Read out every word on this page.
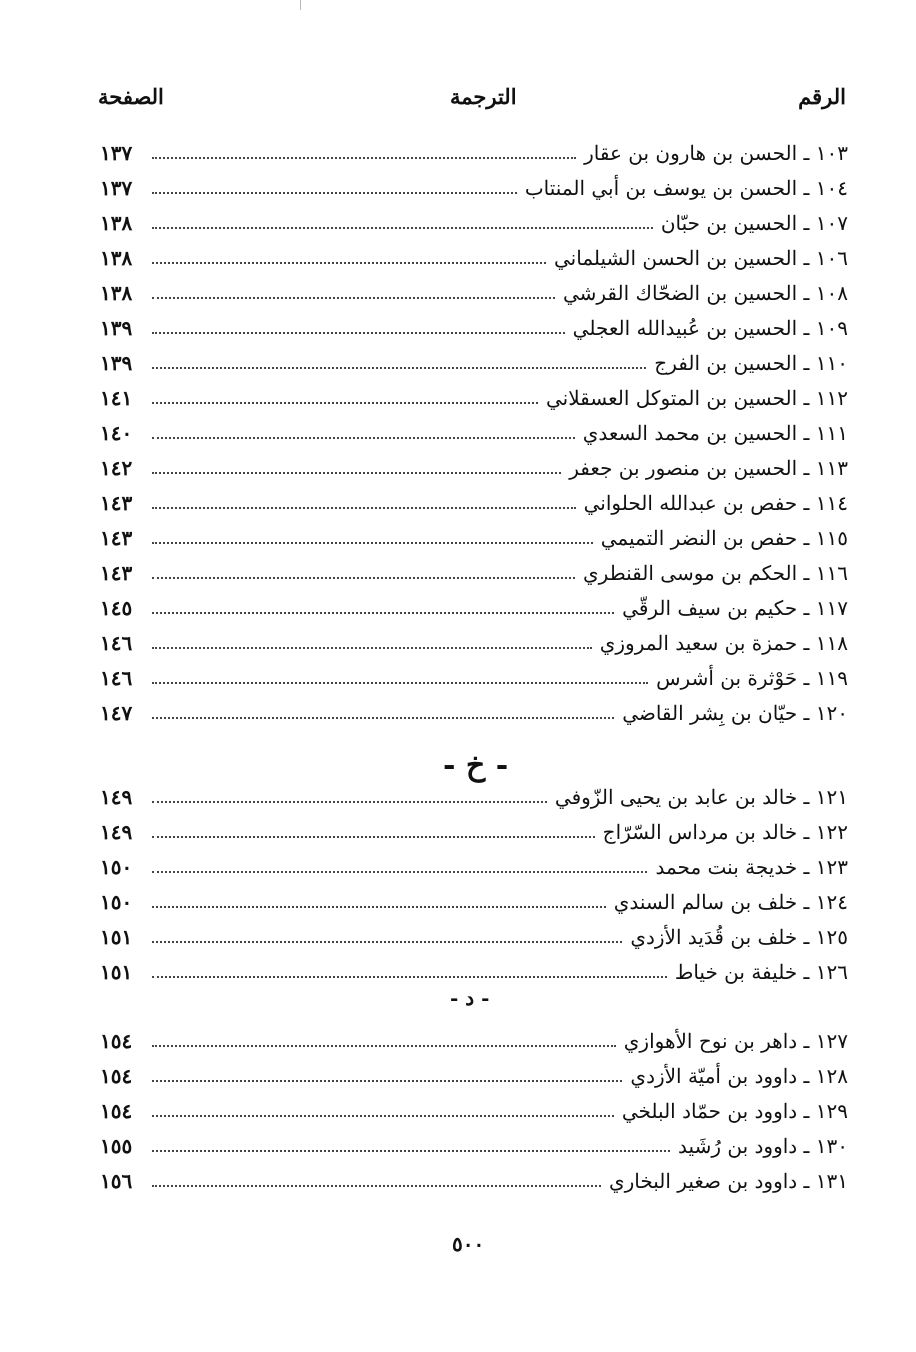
الرقم
الترجمة
الصفحة
١٠٣ ـ الحسن بن هارون بن عقار
١٣٧
١٠٤ ـ الحسن بن يوسف بن أبي المنتاب
١٣٧
١٠٧ ـ الحسين بن حبّان
١٣٨
١٠٦ ـ الحسين بن الحسن الشيلماني
١٣٨
١٠٨ ـ الحسين بن الضحّاك القرشي
١٣٨
١٠٩ ـ الحسين بن عُبيدالله العجلي
١٣٩
١١٠ ـ الحسين بن الفرج
١٣٩
١١٢ ـ الحسين بن المتوكل العسقلاني
١٤١
١١١ ـ الحسين بن محمد السعدي
١٤٠
١١٣ ـ الحسين بن منصور بن جعفر
١٤٢
١١٤ ـ حفص بن عبدالله الحلواني
١٤٣
١١٥ ـ حفص بن النضر التميمي
١٤٣
١١٦ ـ الحكم بن موسى القنطري
١٤٣
١١٧ ـ حكيم بن سيف الرقّي
١٤٥
١١٨ ـ حمزة بن سعيد المروزي
١٤٦
١١٩ ـ حَوْثرة بن أشرس
١٤٦
١٢٠ ـ حيّان بن بِشر القاضي
١٤٧
- خ -
١٢١ ـ خالد بن عابد بن يحيى الزّوفي
١٤٩
١٢٢ ـ خالد بن مرداس السّرّاج
١٤٩
١٢٣ ـ خديجة بنت محمد
١٥٠
١٢٤ ـ خلف بن سالم السندي
١٥٠
١٢٥ ـ خلف بن قُدَيد الأزدي
١٥١
١٢٦ ـ خليفة بن خياط
١٥١
- د -
١٢٧ ـ داهر بن نوح الأهوازي
١٥٤
١٢٨ ـ داوود بن أميّة الأزدي
١٥٤
١٢٩ ـ داوود بن حمّاد البلخي
١٥٤
١٣٠ ـ داوود بن رُشَيد
١٥٥
١٣١ ـ داوود بن صغير البخاري
١٥٦
٥٠٠
